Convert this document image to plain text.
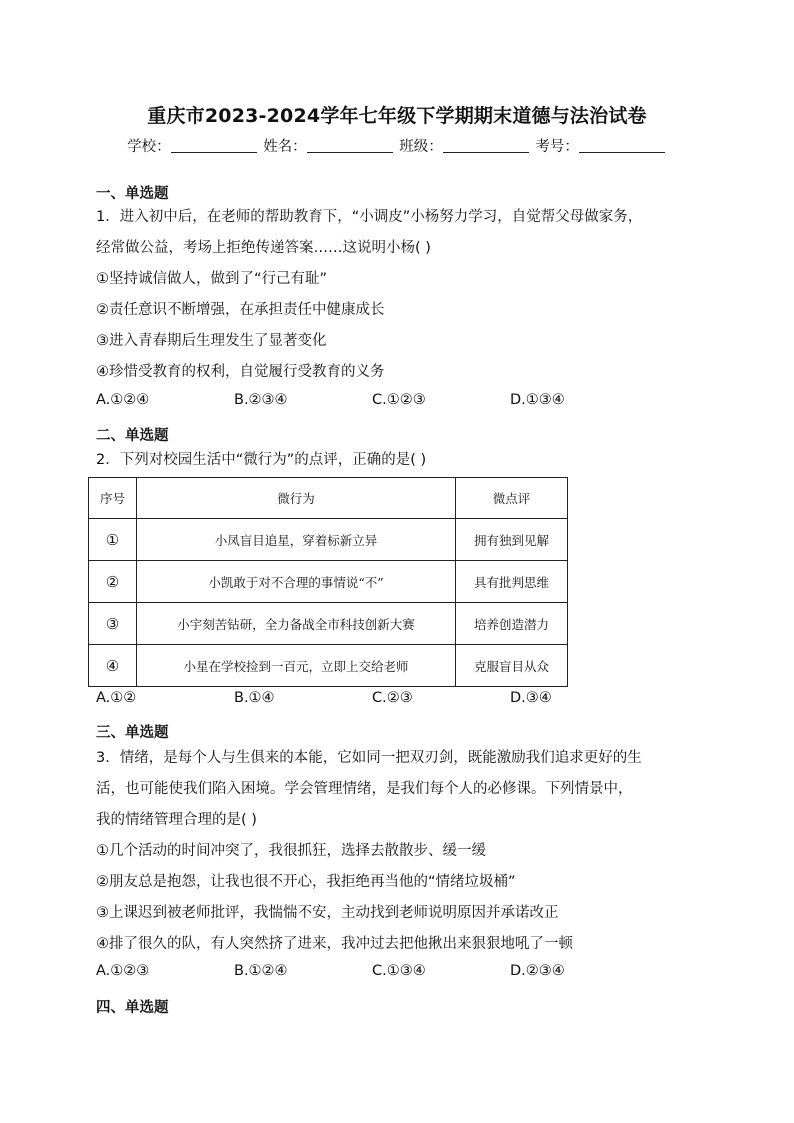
重庆市2023-2024学年七年级下学期期末道德与法治试卷
学校：	姓名：	班级：	考号：
一、单选题
1．进入初中后，在老师的帮助教育下，“小调皮”小杨努力学习，自觉帮父母做家务，
经常做公益，考场上拒绝传递答案……这说明小杨( )
①坚持诚信做人，做到了“行己有耻”
②责任意识不断增强，在承担责任中健康成长
③进入青春期后生理发生了显著变化
④珍惜受教育的权利，自觉履行受教育的义务
A.①②④	B.②③④	C.①②③	D.①③④
二、单选题
2．下列对校园生活中“微行为”的点评，正确的是( )
序号	微行为	微点评
①	小凤盲目追星，穿着标新立异	拥有独到见解
②	小凯敢于对不合理的事情说“不”	具有批判思维
③	小宇刻苦钻研，全力备战全市科技创新大赛	培养创造潜力
④	小星在学校捡到一百元，立即上交给老师	克服盲目从众
A.①②	B.①④	C.②③	D.③④
三、单选题
3．情绪，是每个人与生俱来的本能，它如同一把双刃剑，既能激励我们追求更好的生
活，也可能使我们陷入困境。学会管理情绪，是我们每个人的必修课。下列情景中，
我的情绪管理合理的是( )
①几个活动的时间冲突了，我很抓狂，选择去散散步、缓一缓
②朋友总是抱怨，让我也很不开心，我拒绝再当他的“情绪垃圾桶”
③上课迟到被老师批评，我惴惴不安，主动找到老师说明原因并承诺改正
④排了很久的队，有人突然挤了进来，我冲过去把他揪出来狠狠地吼了一顿
A.①②③	B.①②④	C.①③④	D.②③④
四、单选题
